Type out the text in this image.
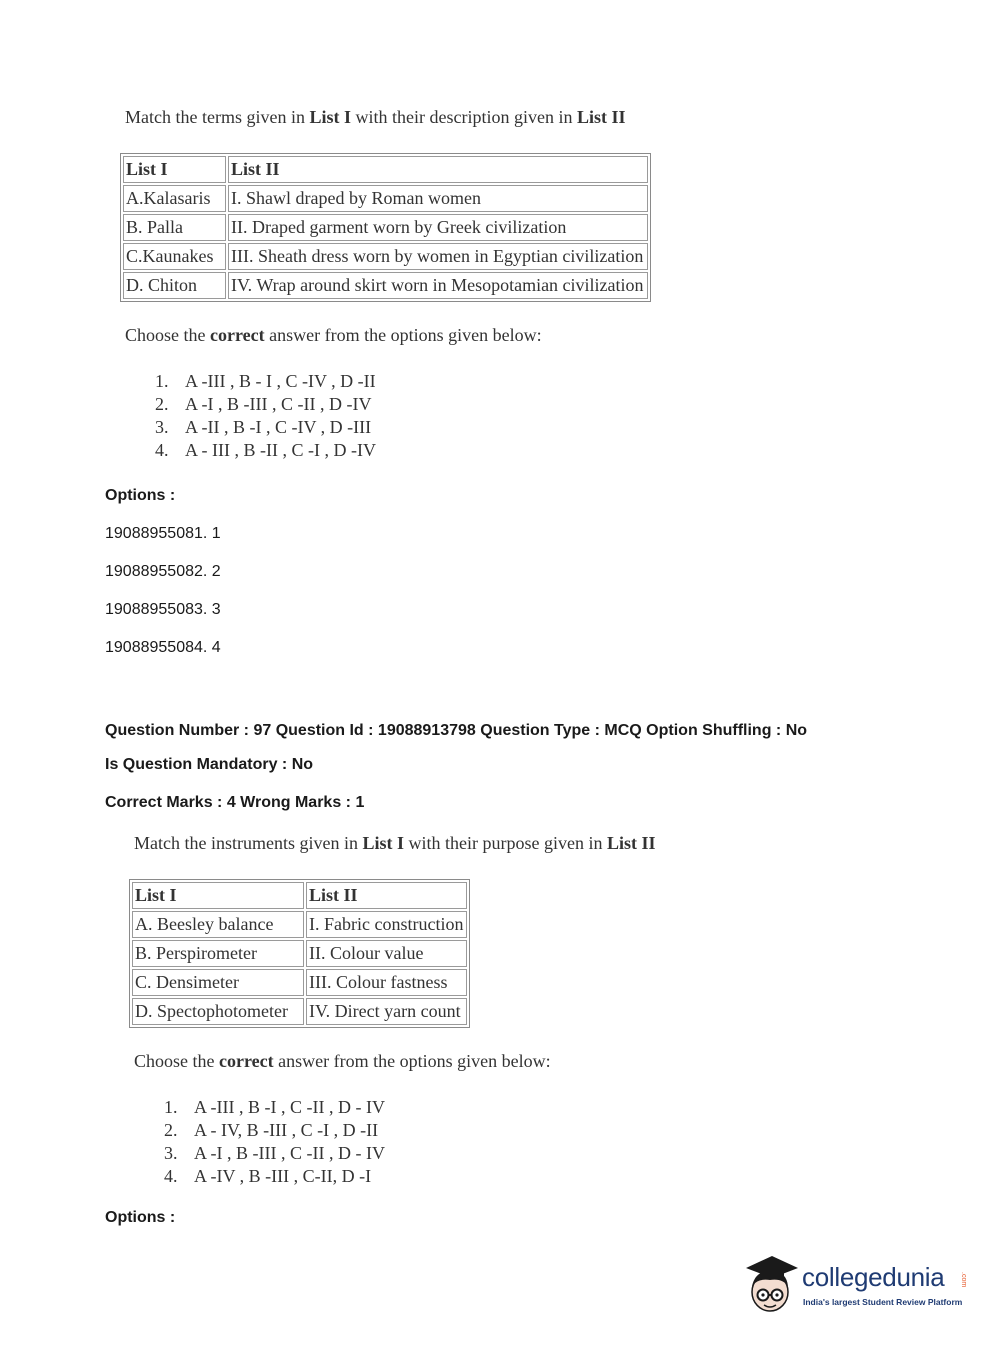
Match the terms given in List I with their description given in List II
List I	List II
A.Kalasaris	I. Shawl draped by Roman women
B. Palla	II. Draped garment worn by Greek civilization
C.Kaunakes	III. Sheath dress worn by women in Egyptian civilization
D. Chiton	IV. Wrap around skirt worn in Mesopotamian civilization
Choose the correct answer from the options given below:
1. A -III , B - I , C -IV , D -II
2. A -I , B -III , C -II , D -IV
3. A -II , B -I , C -IV , D -III
4. A - III , B -II , C -I , D -IV
Options :
19088955081. 1
19088955082. 2
19088955083. 3
19088955084. 4
Question Number : 97 Question Id : 19088913798 Question Type : MCQ Option Shuffling : No
Is Question Mandatory : No
Correct Marks : 4 Wrong Marks : 1
Match the instruments given in List I with their purpose given in List II
List I	List II
A. Beesley balance	I. Fabric construction
B. Perspirometer	II. Colour value
C. Densimeter	III. Colour fastness
D. Spectophotometer	IV. Direct yarn count
Choose the correct answer from the options given below:
1. A -III , B -I , C -II , D - IV
2. A - IV, B -III , C -I , D -II
3. A -I , B -III , C -II , D - IV
4. A -IV , B -III , C-II, D -I
Options :
collegedunia .com
India's largest Student Review Platform
